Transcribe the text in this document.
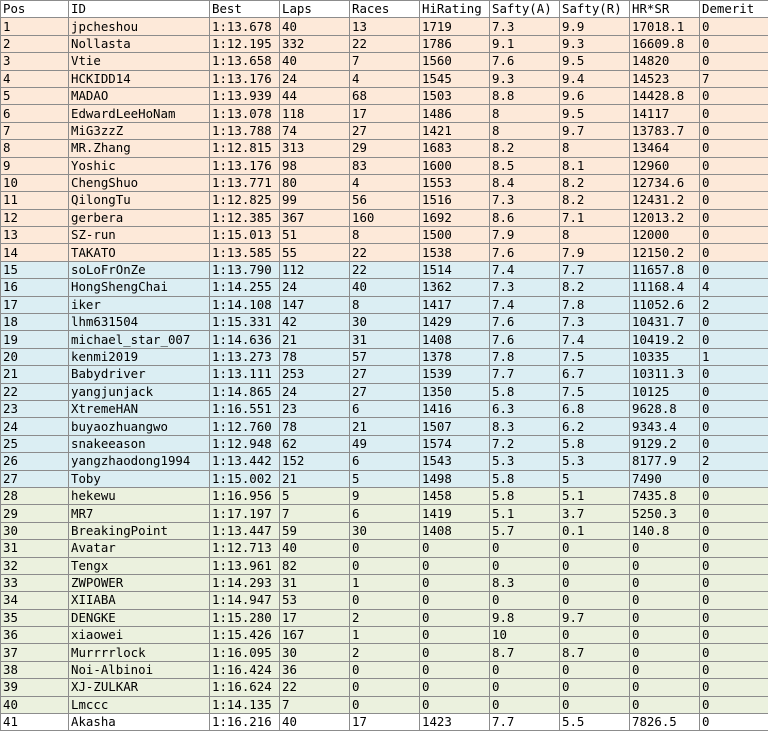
Pos	ID	Best	Laps	Races	HiRating	Safty(A)	Safty(R)	HR*SR	Demerit
1	jpcheshou	1:13.678	40	13	1719	7.3	9.9	17018.1	0
2	Nollasta	1:12.195	332	22	1786	9.1	9.3	16609.8	0
3	Vtie	1:13.658	40	7	1560	7.6	9.5	14820	0
4	HCKIDD14	1:13.176	24	4	1545	9.3	9.4	14523	7
5	MADAO	1:13.939	44	68	1503	8.8	9.6	14428.8	0
6	EdwardLeeHoNam	1:13.078	118	17	1486	8	9.5	14117	0
7	MiG3zzZ	1:13.788	74	27	1421	8	9.7	13783.7	0
8	MR.Zhang	1:12.815	313	29	1683	8.2	8	13464	0
9	Yoshic	1:13.176	98	83	1600	8.5	8.1	12960	0
10	ChengShuo	1:13.771	80	4	1553	8.4	8.2	12734.6	0
11	QilongTu	1:12.825	99	56	1516	7.3	8.2	12431.2	0
12	gerbera	1:12.385	367	160	1692	8.6	7.1	12013.2	0
13	SZ-run	1:15.013	51	8	1500	7.9	8	12000	0
14	TAKATO	1:13.585	55	22	1538	7.6	7.9	12150.2	0
15	soLoFrOnZe	1:13.790	112	22	1514	7.4	7.7	11657.8	0
16	HongShengChai	1:14.255	24	40	1362	7.3	8.2	11168.4	4
17	iker	1:14.108	147	8	1417	7.4	7.8	11052.6	2
18	lhm631504	1:15.331	42	30	1429	7.6	7.3	10431.7	0
19	michael_star_007	1:14.636	21	31	1408	7.6	7.4	10419.2	0
20	kenmi2019	1:13.273	78	57	1378	7.8	7.5	10335	1
21	Babydriver	1:13.111	253	27	1539	7.7	6.7	10311.3	0
22	yangjunjack	1:14.865	24	27	1350	5.8	7.5	10125	0
23	XtremeHAN	1:16.551	23	6	1416	6.3	6.8	9628.8	0
24	buyaozhuangwo	1:12.760	78	21	1507	8.3	6.2	9343.4	0
25	snakeeason	1:12.948	62	49	1574	7.2	5.8	9129.2	0
26	yangzhaodong1994	1:13.442	152	6	1543	5.3	5.3	8177.9	2
27	Toby	1:15.002	21	5	1498	5.8	5	7490	0
28	hekewu	1:16.956	5	9	1458	5.8	5.1	7435.8	0
29	MR7	1:17.197	7	6	1419	5.1	3.7	5250.3	0
30	BreakingPoint	1:13.447	59	30	1408	5.7	0.1	140.8	0
31	Avatar	1:12.713	40	0	0	0	0	0	0
32	Tengx	1:13.961	82	0	0	0	0	0	0
33	ZWPOWER	1:14.293	31	1	0	8.3	0	0	0
34	XIIABA	1:14.947	53	0	0	0	0	0	0
35	DENGKE	1:15.280	17	2	0	9.8	9.7	0	0
36	xiaowei	1:15.426	167	1	0	10	0	0	0
37	Murrrrlock	1:16.095	30	2	0	8.7	8.7	0	0
38	Noi-Albinoi	1:16.424	36	0	0	0	0	0	0
39	XJ-ZULKAR	1:16.624	22	0	0	0	0	0	0
40	Lmccc	1:14.135	7	0	0	0	0	0	0
41	Akasha	1:16.216	40	17	1423	7.7	5.5	7826.5	0
